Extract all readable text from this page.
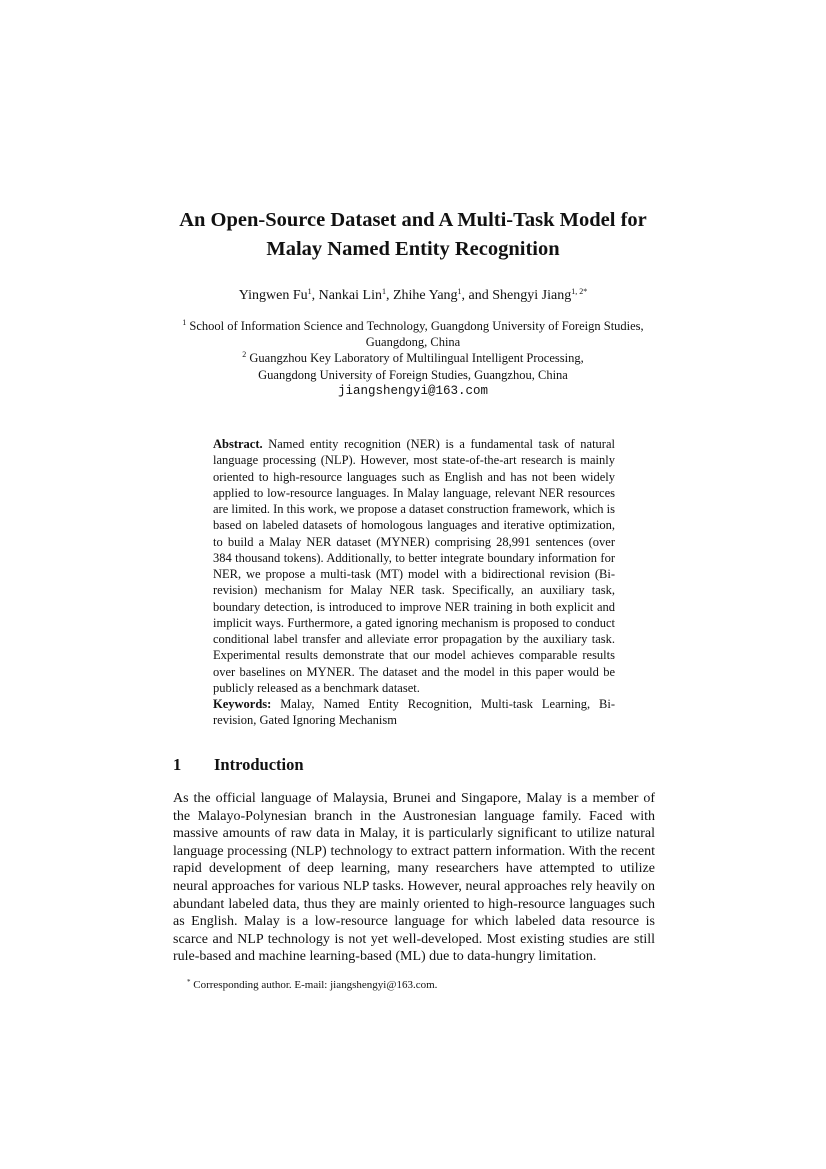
An Open-Source Dataset and A Multi-Task Model for
Malay Named Entity Recognition
Yingwen Fu$^1$, Nankai Lin$^1$, Zhihe Yang$^1$, and Shengyi Jiang$^{1, 2*}$
$^1$ School of Information Science and Technology, Guangdong University of Foreign Studies,
Guangdong, China
$^2$ Guangzhou Key Laboratory of Multilingual Intelligent Processing,
Guangdong University of Foreign Studies, Guangzhou, China
jiangshengyi@163.com
Abstract. Named entity recognition (NER) is a fundamental task of natural language processing (NLP). However, most state-of-the-art research is mainly oriented to high-resource languages such as English and has not been widely applied to low-resource languages. In Malay language, relevant NER resources are limited. In this work, we propose a dataset construction framework, which is based on labeled datasets of homologous languages and iterative optimization, to build a Malay NER dataset (MYNER) comprising 28,991 sentences (over 384 thousand tokens). Additionally, to better integrate boundary information for NER, we propose a multi-task (MT) model with a bidirectional revision (Bi-revision) mechanism for Malay NER task. Specifically, an auxiliary task, boundary detection, is introduced to improve NER training in both explicit and implicit ways. Furthermore, a gated ignoring mechanism is proposed to conduct conditional label transfer and alleviate error propagation by the auxiliary task. Experimental results demonstrate that our model achieves comparable results over baselines on MYNER. The dataset and the model in this paper would be publicly released as a benchmark dataset.
Keywords: Malay, Named Entity Recognition, Multi-task Learning, Bi-revision, Gated Ignoring Mechanism
1 Introduction
As the official language of Malaysia, Brunei and Singapore, Malay is a member of the Malayo-Polynesian branch in the Austronesian language family. Faced with massive amounts of raw data in Malay, it is particularly significant to utilize natural language processing (NLP) technology to extract pattern information. With the recent rapid development of deep learning, many researchers have attempted to utilize neural approaches for various NLP tasks. However, neural approaches rely heavily on abundant labeled data, thus they are mainly oriented to high-resource languages such as English. Malay is a low-resource language for which labeled data resource is scarce and NLP technology is not yet well-developed. Most existing studies are still rule-based and machine learning-based (ML) due to data-hungry limitation.
* Corresponding author. E-mail: jiangshengyi@163.com.
